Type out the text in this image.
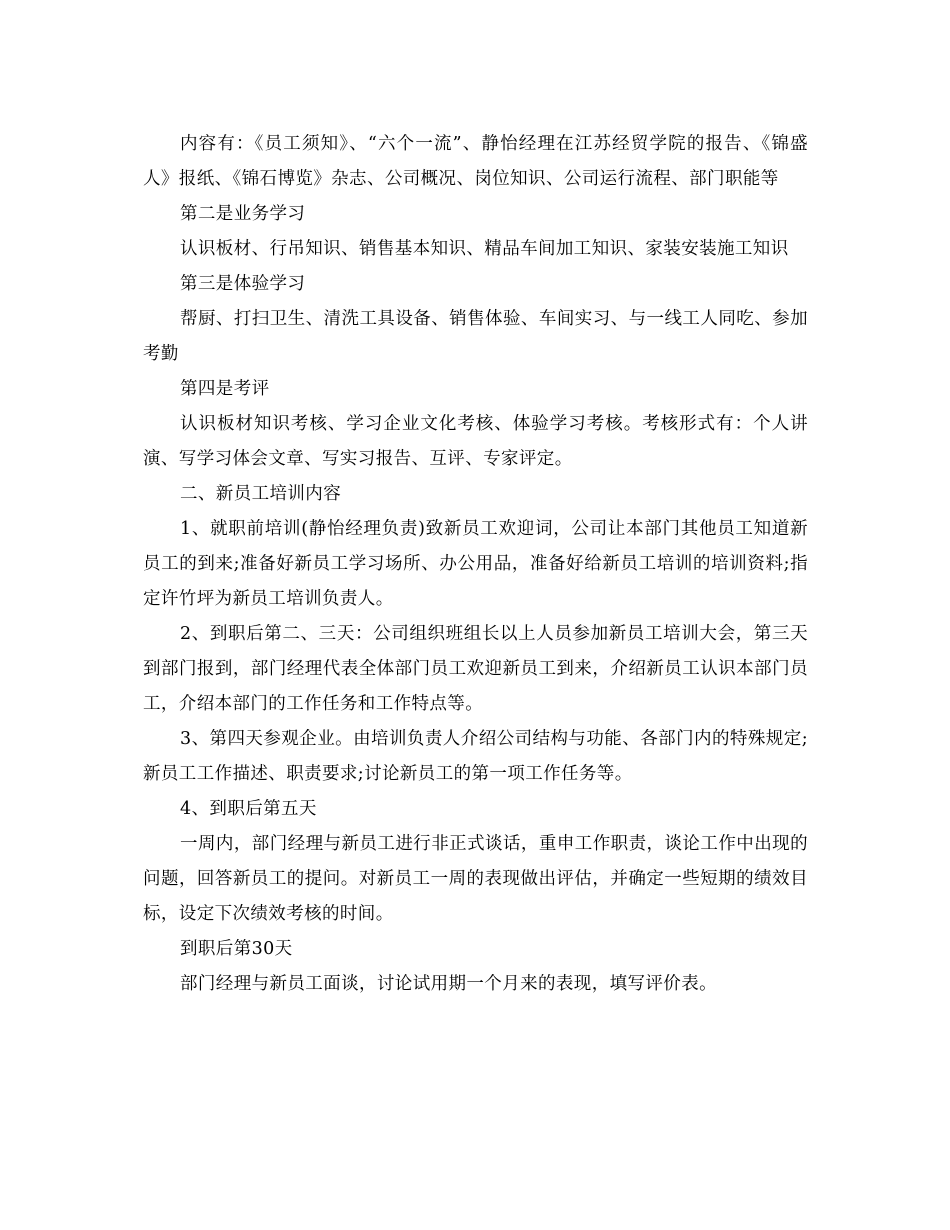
内容有：《员工须知》、“六个一流”、静怡经理在江苏经贸学院的报告、《锦盛人》报纸、《锦石博览》杂志、公司概况、岗位知识、公司运行流程、部门职能等

第二是业务学习

认识板材、行吊知识、销售基本知识、精品车间加工知识、家装安装施工知识

第三是体验学习

帮厨、打扫卫生、清洗工具设备、销售体验、车间实习、与一线工人同吃、参加考勤

第四是考评

认识板材知识考核、学习企业文化考核、体验学习考核。考核形式有：个人讲演、写学习体会文章、写实习报告、互评、专家评定。

二、新员工培训内容

1、就职前培训(静怡经理负责)致新员工欢迎词，公司让本部门其他员工知道新员工的到来;准备好新员工学习场所、办公用品，准备好给新员工培训的培训资料;指定许竹坪为新员工培训负责人。

2、到职后第二、三天：公司组织班组长以上人员参加新员工培训大会，第三天到部门报到，部门经理代表全体部门员工欢迎新员工到来，介绍新员工认识本部门员工，介绍本部门的工作任务和工作特点等。

3、第四天参观企业。由培训负责人介绍公司结构与功能、各部门内的特殊规定;新员工工作描述、职责要求;讨论新员工的第一项工作任务等。

4、到职后第五天

一周内，部门经理与新员工进行非正式谈话，重申工作职责，谈论工作中出现的问题，回答新员工的提问。对新员工一周的表现做出评估，并确定一些短期的绩效目标，设定下次绩效考核的时间。

到职后第30天

部门经理与新员工面谈，讨论试用期一个月来的表现，填写评价表。
